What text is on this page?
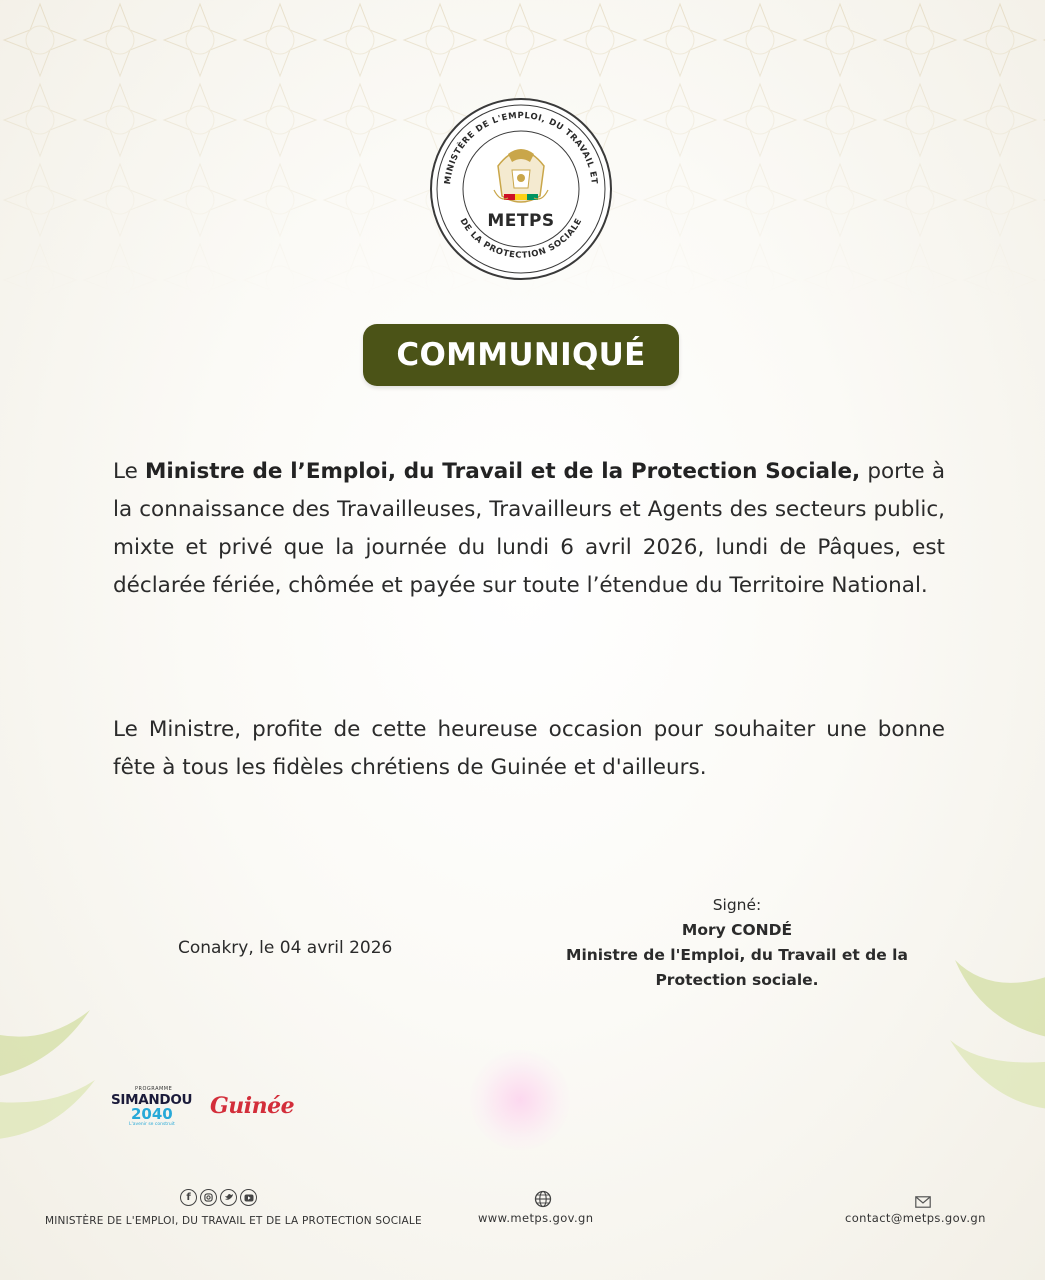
MINISTÈRE DE L'EMPLOI, DU TRAVAIL ET
DE LA PROTECTION SOCIALE
METPS
COMMUNIQUÉ

Le Ministre de l’Emploi, du Travail et de la Protection Sociale, porte à la connaissance des Travailleuses, Travailleurs et Agents des secteurs public, mixte et privé que la journée du lundi 6 avril 2026, lundi de Pâques, est déclarée fériée, chômée et payée sur toute l’étendue du Territoire National.

Le Ministre, profite de cette heureuse occasion pour souhaiter une bonne fête à tous les fidèles chrétiens de Guinée et d'ailleurs.

Conakry, le 04 avril 2026
Signé:
Mory CONDÉ
Ministre de l'Emploi, du Travail et de la
Protection sociale.
PROGRAMME
SIMANDOU
2040
L'avenir se construit
Guinée
f
MINISTÈRE DE L'EMPLOI, DU TRAVAIL ET DE LA PROTECTION SOCIALE	www.metps.gov.gn	contact@metps.gov.gn
